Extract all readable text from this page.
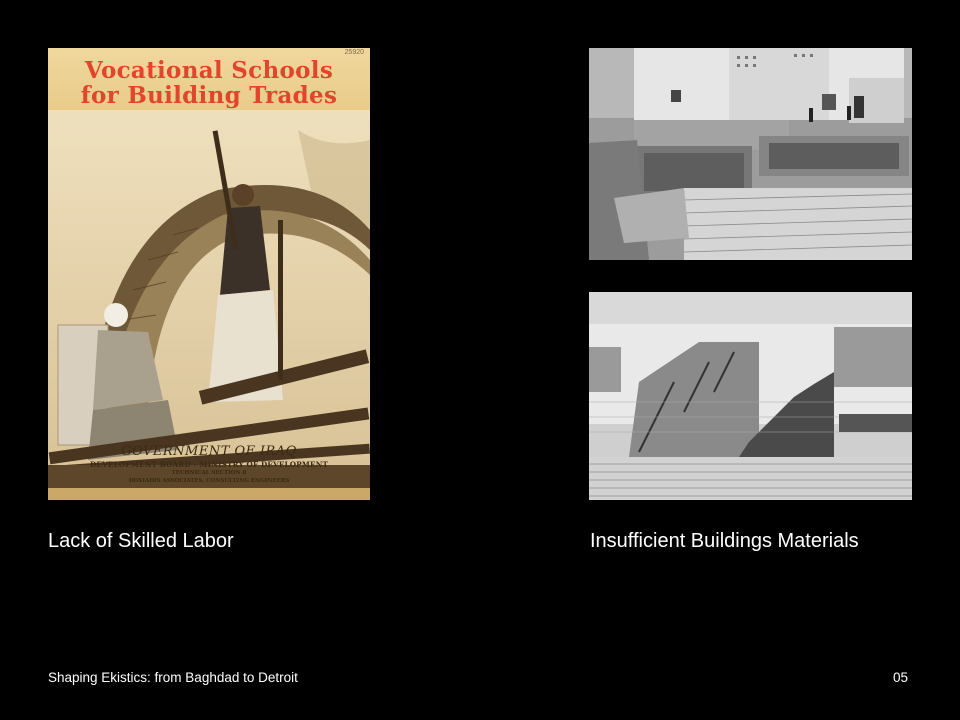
25920
Vocational Schools
for Building Trades
GOVERNMENT OF IRAQ
DEVELOPMENT BOARD - MINISTRY OF DEVELOPMENT
TECHNICAL SECTION 8
DOXIADIS ASSOCIATES, CONSULTING ENGINEERS
Lack of Skilled Labor	Insufficient Buildings Materials
Shaping Ekistics: from Baghdad to Detroit	05
